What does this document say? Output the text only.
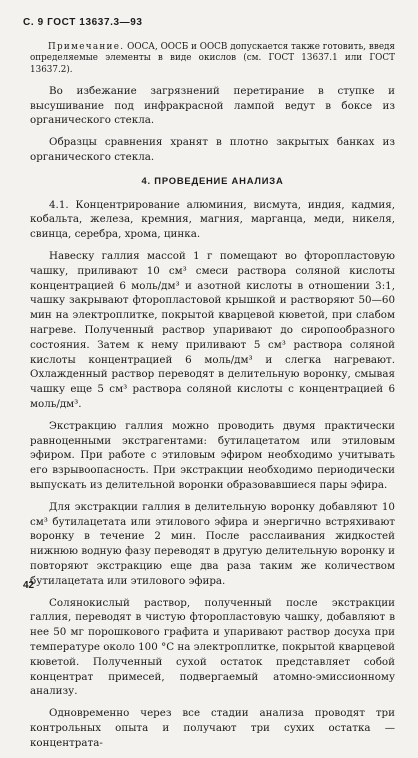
С. 9 ГОСТ 13637.3—93
Примечание. ООСА, ООСБ и ООСВ допускается также готовить, введя определяемые элементы в виде окислов (см. ГОСТ 13637.1 или ГОСТ 13637.2).

Во избежание загрязнений перетирание в ступке и высушивание под инфракрасной лампой ведут в боксе из органического стекла.

Образцы сравнения хранят в плотно закрытых банках из органического стекла.

4. ПРОВЕДЕНИЕ АНАЛИЗА

4.1. Концентрирование алюминия, висмута, индия, кадмия, кобальта, железа, кремния, магния, марганца, меди, никеля, свинца, серебра, хрома, цинка.

Навеску галлия массой 1 г помещают во фторопластовую чашку, приливают 10 см³ смеси раствора соляной кислоты концентрацией 6 моль/дм³ и азотной кислоты в отношении 3:1, чашку закрывают фторопластовой крышкой и растворяют 50—60 мин на электроплитке, покрытой кварцевой кюветой, при слабом нагреве. Полученный раствор упаривают до сиропообразного состояния. Затем к нему приливают 5 см³ раствора соляной кислоты концентрацией 6 моль/дм³ и слегка нагревают. Охлажденный раствор переводят в делительную воронку, смывая чашку еще 5 см³ раствора соляной кислоты с концентрацией 6 моль/дм³.

Экстракцию галлия можно проводить двумя практически равноценными экстрагентами: бутилацетатом или этиловым эфиром. При работе с этиловым эфиром необходимо учитывать его взрывоопасность. При экстракции необходимо периодически выпускать из делительной воронки образовавшиеся пары эфира.

Для экстракции галлия в делительную воронку добавляют 10 см³ бутилацетата или этилового эфира и энергично встряхивают воронку в течение 2 мин. После расслаивания жидкостей нижнюю водную фазу переводят в другую делительную воронку и повторяют экстракцию еще два раза таким же количеством бутилацетата или этилового эфира.

Солянокислый раствор, полученный после экстракции галлия, переводят в чистую фторопластовую чашку, добавляют в нее 50 мг порошкового графита и упаривают раствор досуха при температуре около 100 °С на электроплитке, покрытой кварцевой кюветой. Полученный сухой остаток представляет собой концентрат примесей, подвергаемый атомно-эмиссионному анализу.

Одновременно через все стадии анализа проводят три контрольных опыта и получают три сухих остатка — концентрата-

42
